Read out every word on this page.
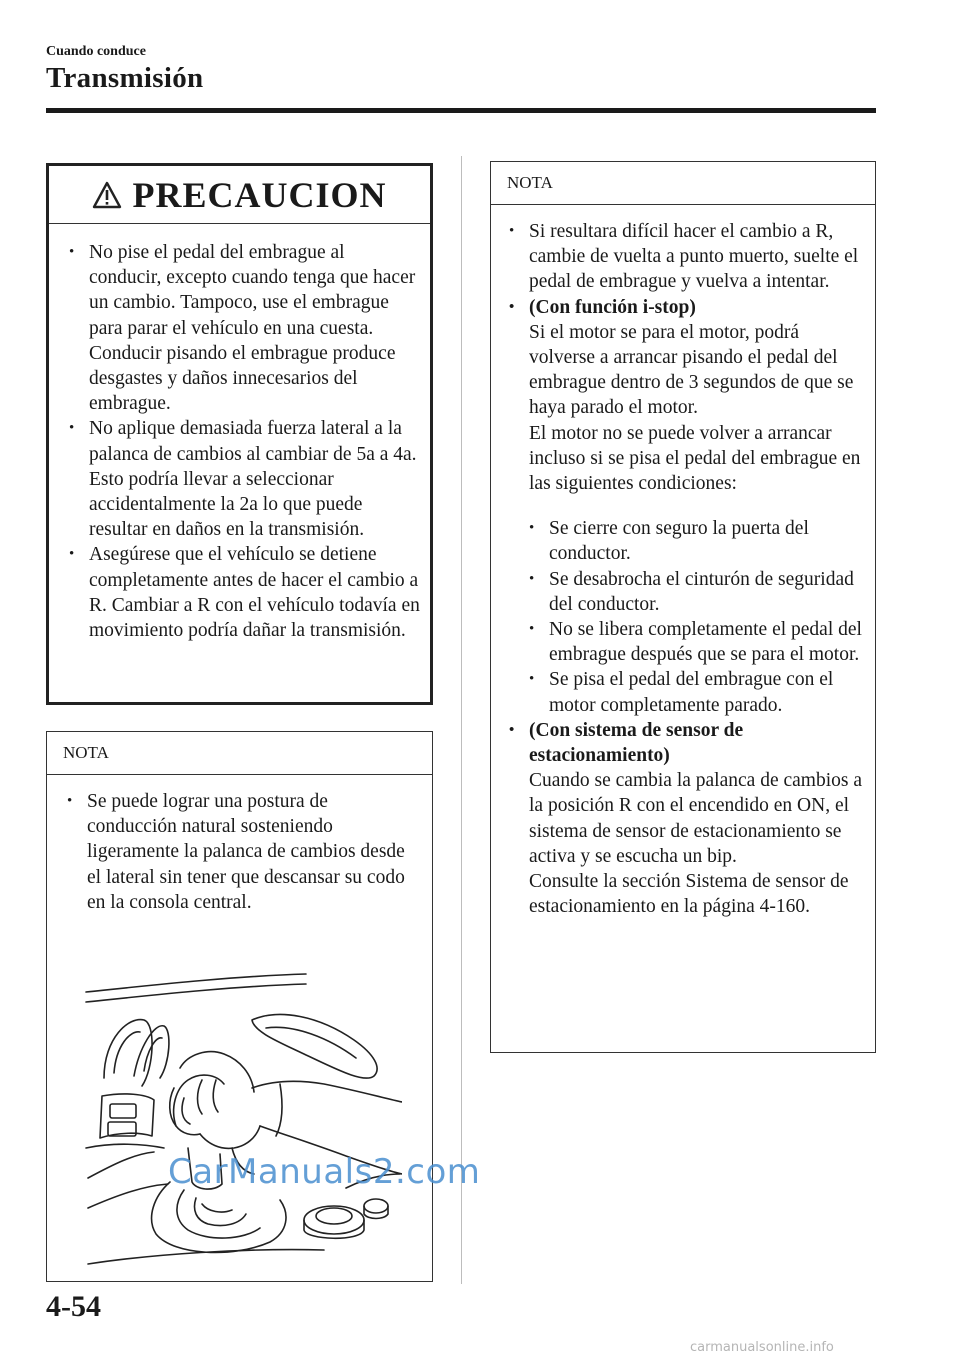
Cuando conduce
Transmisión
PRECAUCION
• No pise el pedal del embrague al conducir, excepto cuando tenga que hacer un cambio. Tampoco, use el embrague para parar el vehículo en una cuesta. Conducir pisando el embrague produce desgastes y daños innecesarios del embrague.
• No aplique demasiada fuerza lateral a la palanca de cambios al cambiar de 5a a 4a. Esto podría llevar a seleccionar accidentalmente la 2a lo que puede resultar en daños en la transmisión.
• Asegúrese que el vehículo se detiene completamente antes de hacer el cambio a R. Cambiar a R con el vehículo todavía en movimiento podría dañar la transmisión.
NOTA
• Se puede lograr una postura de conducción natural sosteniendo ligeramente la palanca de cambios desde el lateral sin tener que descansar su codo en la consola central.
CarManuals2.com
NOTA
• Si resultara difícil hacer el cambio a R, cambie de vuelta a punto muerto, suelte el pedal de embrague y vuelva a intentar.
• (Con función i-stop)
Si el motor se para el motor, podrá volverse a arrancar pisando el pedal del embrague dentro de 3 segundos de que se haya parado el motor.
El motor no se puede volver a arrancar incluso si se pisa el pedal del embrague en las siguientes condiciones:
• Se cierre con seguro la puerta del conductor.
• Se desabrocha el cinturón de seguridad del conductor.
• No se libera completamente el pedal del embrague después que se para el motor.
• Se pisa el pedal del embrague con el motor completamente parado.
• (Con sistema de sensor de estacionamiento)
Cuando se cambia la palanca de cambios a la posición R con el encendido en ON, el sistema de sensor de estacionamiento se activa y se escucha un bip.
Consulte la sección Sistema de sensor de estacionamiento en la página 4-160.
4-54
carmanualsonline.info
